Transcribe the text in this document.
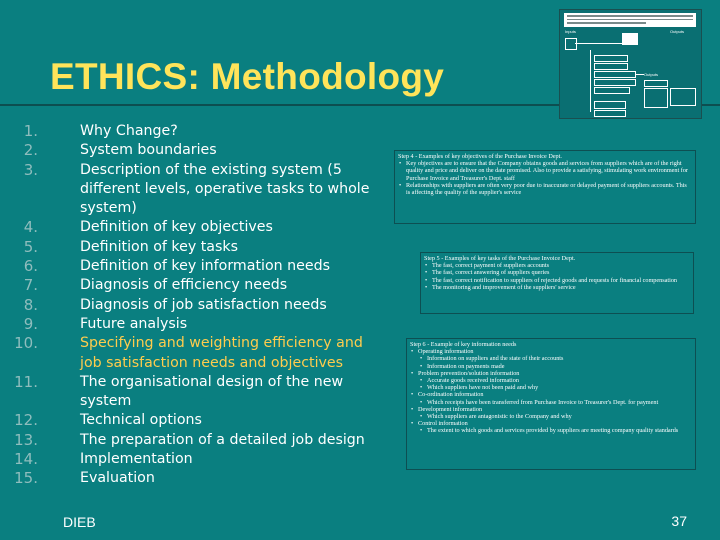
ETHICS: Methodology
1.	Why Change?
2.	System boundaries
3.	Description of the existing system (5 different levels, operative tasks to whole system)
4.	Definition of key objectives
5.	Definition of key tasks
6.	Definition of key information needs
7.	Diagnosis of efficiency needs
8.	Diagnosis of job satisfaction needs
9.	Future analysis
10.	Specifying and weighting efficiency and job satisfaction needs and objectives
11.	The organisational design of the new system
12.	Technical options
13.	The preparation of a detailed job design
14.	Implementation
15.	Evaluation
Inputs	Outputs
Outputs
Step 4 - Examples of key objectives of the Purchase Invoice Dept.
• Key objectives are to ensure that the Company obtains goods and services from suppliers which are of the right quality and price and deliver on the date promised. Also to provide a satisfying, stimulating work environment for Purchase Invoice and Treasurer's Dept. staff
• Relationships with suppliers are often very poor due to inaccurate or delayed payment of suppliers accounts. This is affecting the quality of the supplier's service
Step 5 - Examples of key tasks of the Purchase Invoice Dept.
• The fast, correct payment of suppliers accounts
• The fast, correct answering of suppliers queries
• The fast, correct notification to suppliers of rejected goods and requests for financial compensation
• The monitoring and improvement of the suppliers' service
Step 6 - Example of key information needs
• Operating information
• Information on suppliers and the state of their accounts
• Information on payments made
• Problem prevention/solution information
• Accurate goods received information
• Which suppliers have not been paid and why
• Co-ordination information
• Which receipts have been transferred from Purchase Invoice to Treasurer's Dept. for payment
• Development information
• Which suppliers are antagonistic to the Company and why
• Control information
• The extent to which goods and services provided by suppliers are meeting company quality standards
DIEB	37
